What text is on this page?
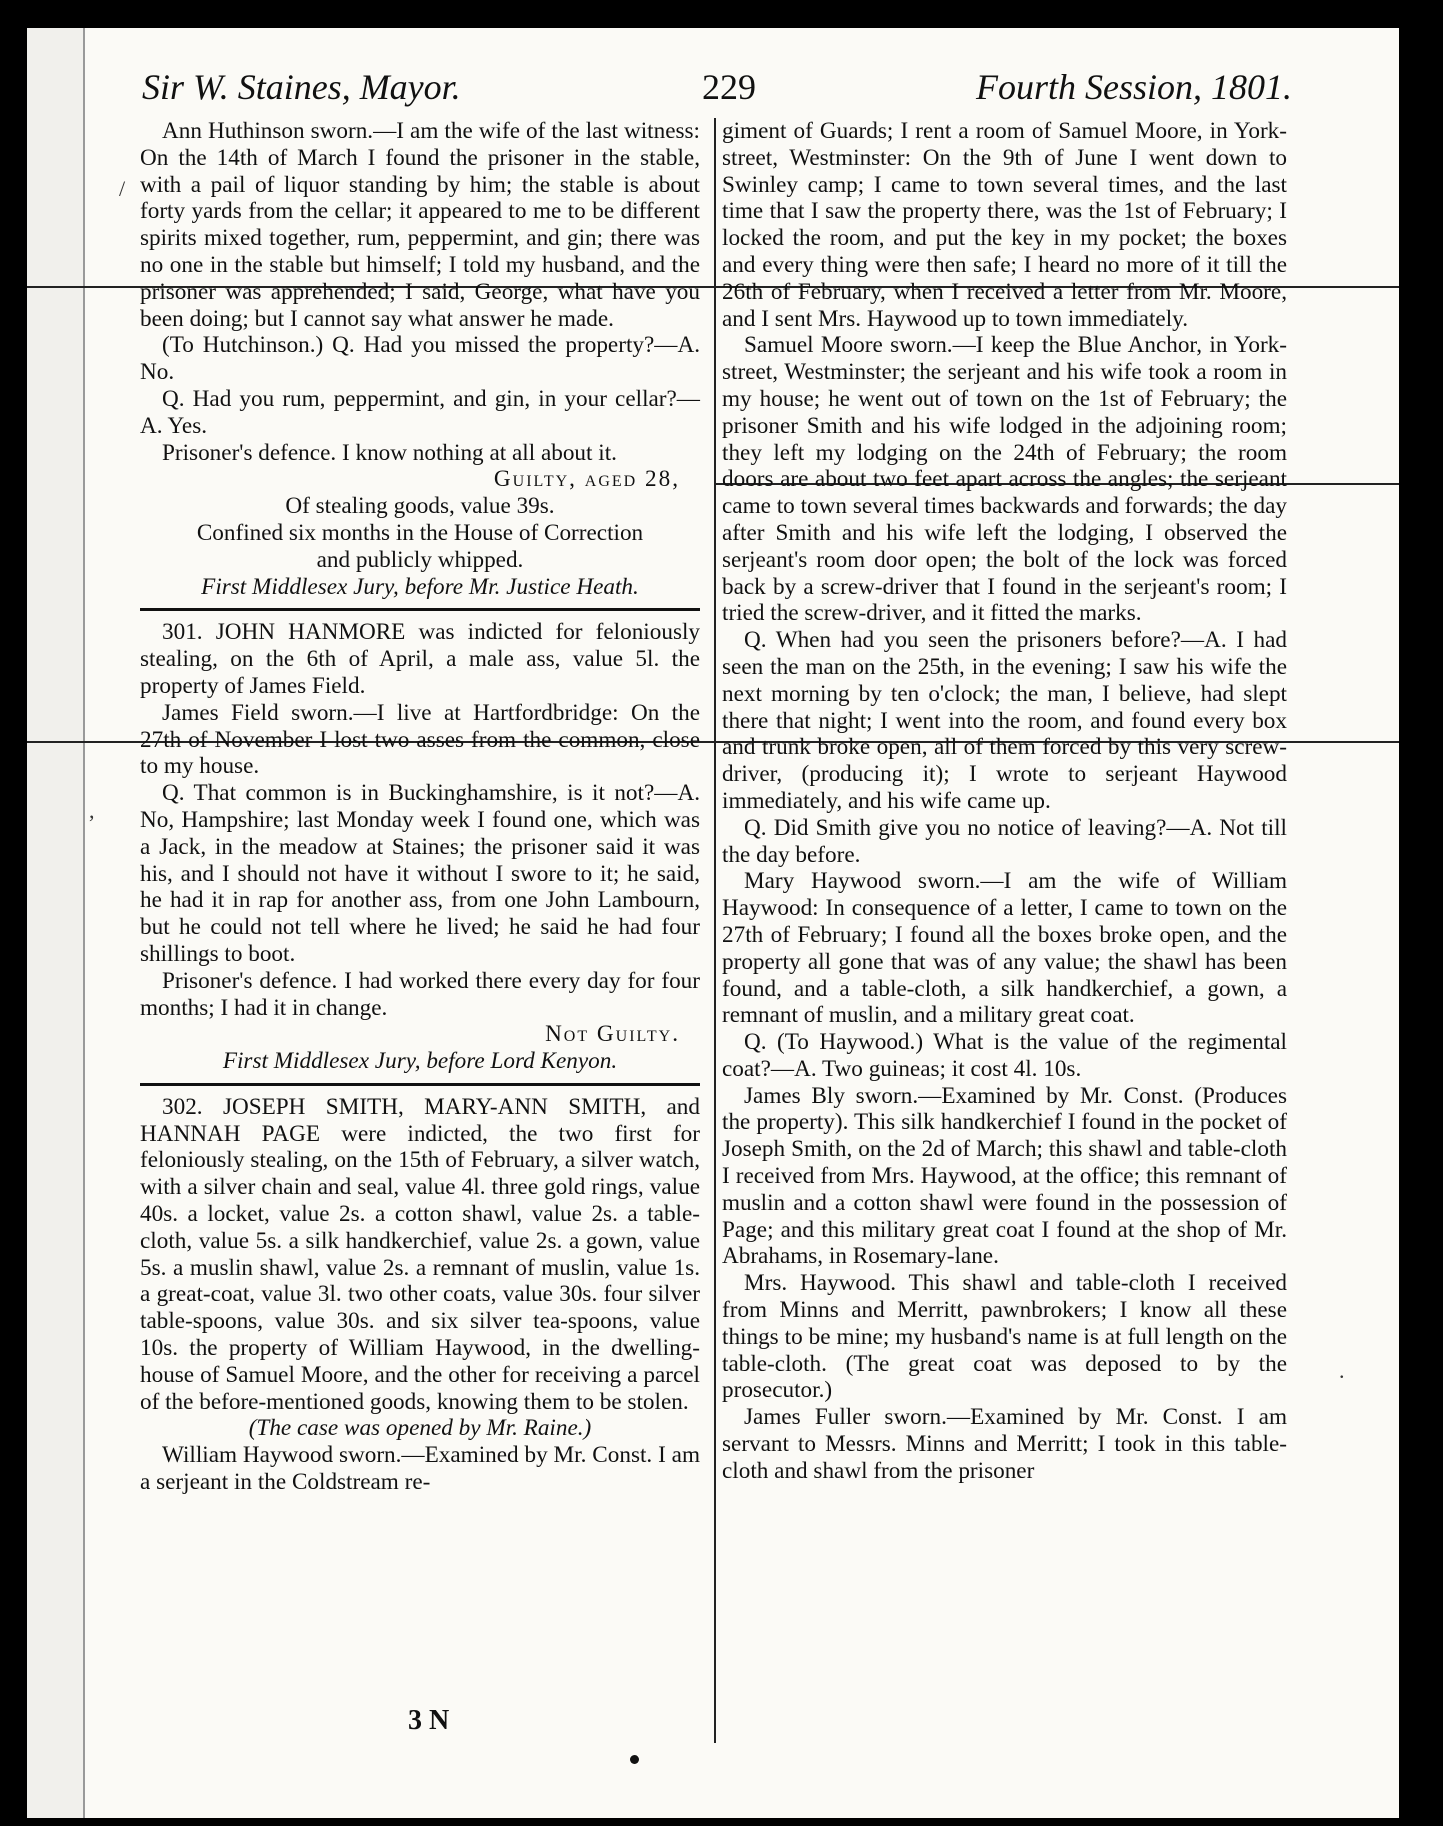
/
,
.
Sir W. Staines, Mayor.	229	Fourth Session, 1801.

Ann Huthinson sworn.—I am the wife of the last witness: On the 14th of March I found the prisoner in the stable, with a pail of liquor standing by him; the stable is about forty yards from the cellar; it appeared to me to be different spirits mixed together, rum, peppermint, and gin; there was no one in the stable but himself; I told my husband, and the prisoner was apprehended; I said, George, what have you been doing; but I cannot say what answer he made.

(To Hutchinson.) Q. Had you missed the property?—A. No.

Q. Had you rum, peppermint, and gin, in your cellar?—A. Yes.

Prisoner's defence. I know nothing at all about it.

Guilty, aged 28,

Of stealing goods, value 39s.

Confined six months in the House of Correction

and publicly whipped.

First Middlesex Jury, before Mr. Justice Heath.

301. JOHN HANMORE was indicted for feloniously stealing, on the 6th of April, a male ass, value 5l. the property of James Field.

James Field sworn.—I live at Hartfordbridge: On the 27th of November I lost two asses from the common, close to my house.

Q. That common is in Buckinghamshire, is it not?—A. No, Hampshire; last Monday week I found one, which was a Jack, in the meadow at Staines; the prisoner said it was his, and I should not have it without I swore to it; he said, he had it in rap for another ass, from one John Lambourn, but he could not tell where he lived; he said he had four shillings to boot.

Prisoner's defence. I had worked there every day for four months; I had it in change.

Not Guilty.

First Middlesex Jury, before Lord Kenyon.

302. JOSEPH SMITH, MARY-ANN SMITH, and HANNAH PAGE were indicted, the two first for feloniously stealing, on the 15th of February, a silver watch, with a silver chain and seal, value 4l. three gold rings, value 40s. a locket, value 2s. a cotton shawl, value 2s. a table-cloth, value 5s. a silk handkerchief, value 2s. a gown, value 5s. a muslin shawl, value 2s. a remnant of muslin, value 1s. a great-coat, value 3l. two other coats, value 30s. four silver table-spoons, value 30s. and six silver tea-spoons, value 10s. the property of William Haywood, in the dwelling-house of Samuel Moore, and the other for receiving a parcel of the before-mentioned goods, knowing them to be stolen.

(The case was opened by Mr. Raine.)

William Haywood sworn.—Examined by Mr. Const. I am a serjeant in the Coldstream re-

giment of Guards; I rent a room of Samuel Moore, in York-street, Westminster: On the 9th of June I went down to Swinley camp; I came to town several times, and the last time that I saw the property there, was the 1st of February; I locked the room, and put the key in my pocket; the boxes and every thing were then safe; I heard no more of it till the 26th of February, when I received a letter from Mr. Moore, and I sent Mrs. Haywood up to town immediately.

Samuel Moore sworn.—I keep the Blue Anchor, in York-street, Westminster; the serjeant and his wife took a room in my house; he went out of town on the 1st of February; the prisoner Smith and his wife lodged in the adjoining room; they left my lodging on the 24th of February; the room doors are about two feet apart across the angles; the serjeant came to town several times backwards and forwards; the day after Smith and his wife left the lodging, I observed the serjeant's room door open; the bolt of the lock was forced back by a screw-driver that I found in the serjeant's room; I tried the screw-driver, and it fitted the marks.

Q. When had you seen the prisoners before?—A. I had seen the man on the 25th, in the evening; I saw his wife the next morning by ten o'clock; the man, I believe, had slept there that night; I went into the room, and found every box and trunk broke open, all of them forced by this very screw-driver, (producing it); I wrote to serjeant Haywood immediately, and his wife came up.

Q. Did Smith give you no notice of leaving?—A. Not till the day before.

Mary Haywood sworn.—I am the wife of William Haywood: In consequence of a letter, I came to town on the 27th of February; I found all the boxes broke open, and the property all gone that was of any value; the shawl has been found, and a table-cloth, a silk handkerchief, a gown, a remnant of muslin, and a military great coat.

Q. (To Haywood.) What is the value of the regimental coat?—A. Two guineas; it cost 4l. 10s.

James Bly sworn.—Examined by Mr. Const. (Produces the property). This silk handkerchief I found in the pocket of Joseph Smith, on the 2d of March; this shawl and table-cloth I received from Mrs. Haywood, at the office; this remnant of muslin and a cotton shawl were found in the possession of Page; and this military great coat I found at the shop of Mr. Abrahams, in Rosemary-lane.

Mrs. Haywood. This shawl and table-cloth I received from Minns and Merritt, pawnbrokers; I know all these things to be mine; my husband's name is at full length on the table-cloth. (The great coat was deposed to by the prosecutor.)

James Fuller sworn.—Examined by Mr. Const. I am servant to Messrs. Minns and Merritt; I took in this table-cloth and shawl from the prisoner

3 N
